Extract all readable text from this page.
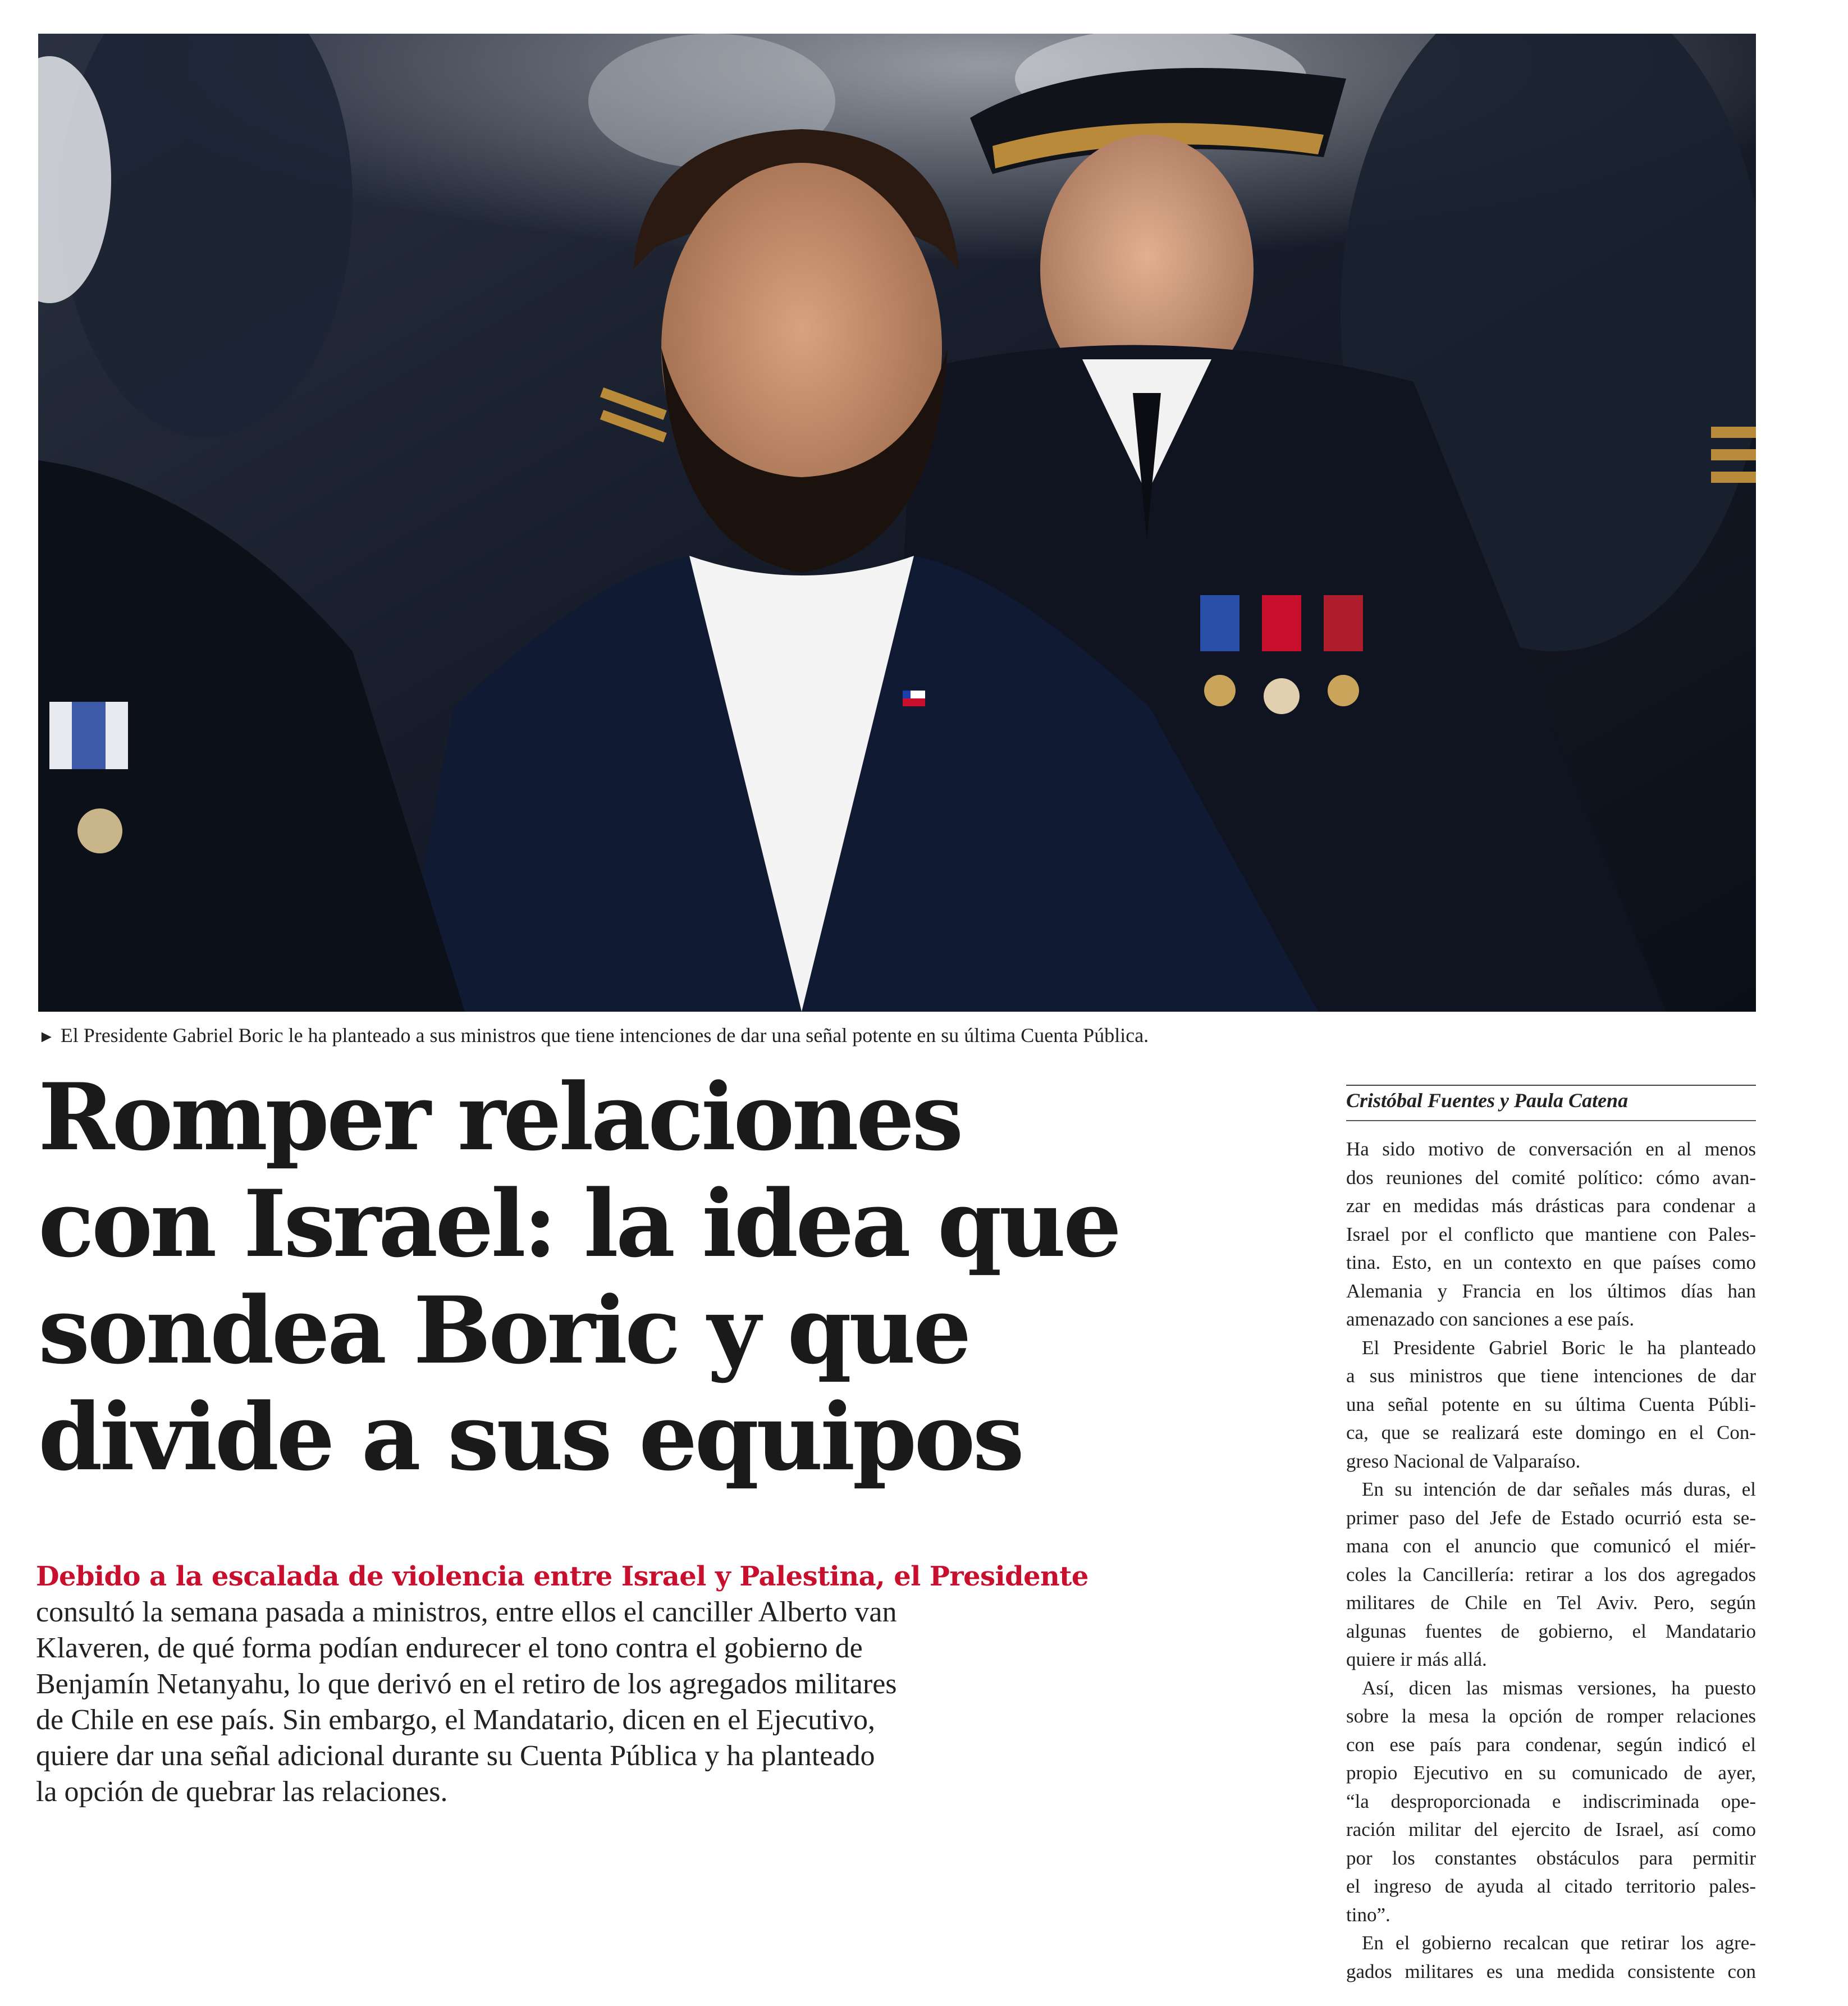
► El Presidente Gabriel Boric le ha planteado a sus ministros que tiene intenciones de dar una señal potente en su última Cuenta Pública.
Romper relaciones
con Israel: la idea que
sondea Boric y que
divide a sus equipos
Debido a la escalada de violencia entre Israel y Palestina, el Presidente
consultó la semana pasada a ministros, entre ellos el canciller Alberto van
Klaveren, de qué forma podían endurecer el tono contra el gobierno de
Benjamín Netanyahu, lo que derivó en el retiro de los agregados militares
de Chile en ese país. Sin embargo, el Mandatario, dicen en el Ejecutivo,
quiere dar una señal adicional durante su Cuenta Pública y ha planteado
la opción de quebrar las relaciones.
Cristóbal Fuentes y Paula Catena
Ha sido motivo de conversación en al menos
dos reuniones del comité político: cómo avan-
zar en medidas más drásticas para condenar a
Israel por el conflicto que mantiene con Pales-
tina. Esto, en un contexto en que países como
Alemania y Francia en los últimos días han
amenazado con sanciones a ese país.
El Presidente Gabriel Boric le ha planteado
a sus ministros que tiene intenciones de dar
una señal potente en su última Cuenta Públi-
ca, que se realizará este domingo en el Con-
greso Nacional de Valparaíso.
En su intención de dar señales más duras, el
primer paso del Jefe de Estado ocurrió esta se-
mana con el anuncio que comunicó el miér-
coles la Cancillería: retirar a los dos agregados
militares de Chile en Tel Aviv. Pero, según
algunas fuentes de gobierno, el Mandatario
quiere ir más allá.
Así, dicen las mismas versiones, ha puesto
sobre la mesa la opción de romper relaciones
con ese país para condenar, según indicó el
propio Ejecutivo en su comunicado de ayer,
“la desproporcionada e indiscriminada ope-
ración militar del ejercito de Israel, así como
por los constantes obstáculos para permitir
el ingreso de ayuda al citado territorio pales-
tino”.
En el gobierno recalcan que retirar los agre-
gados militares es una medida consistente con
